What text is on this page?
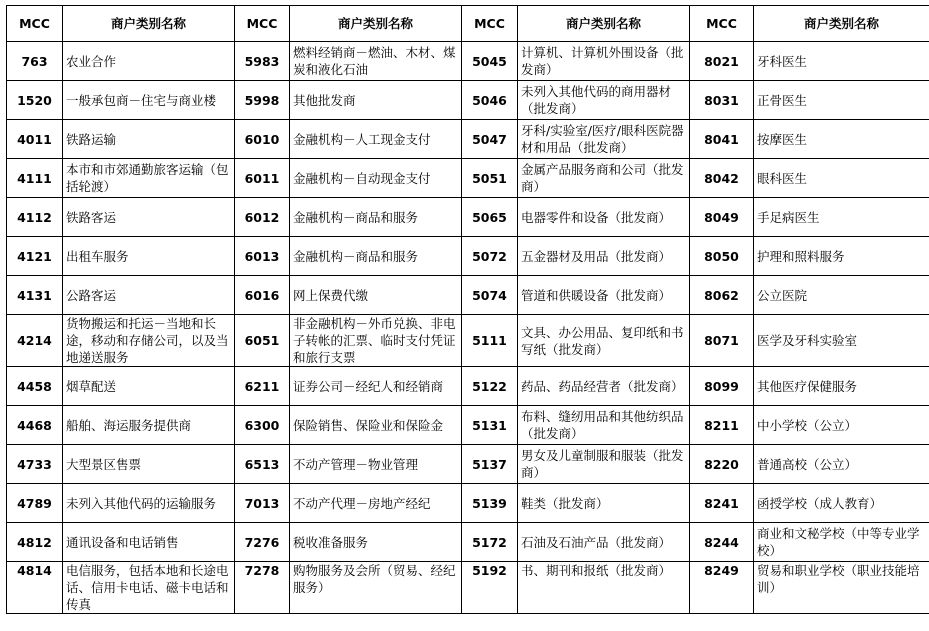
MCC	商户类别名称	MCC	商户类别名称	MCC	商户类别名称	MCC	商户类别名称
763	农业合作	5983	燃料经销商－燃油、木材、煤炭和液化石油	5045	计算机、计算机外围设备（批发商）	8021	牙科医生
1520	一般承包商－住宅与商业楼	5998	其他批发商	5046	未列入其他代码的商用器材（批发商）	8031	正骨医生
4011	铁路运输	6010	金融机构－人工现金支付	5047	牙科/实验室/医疗/眼科医院器材和用品（批发商）	8041	按摩医生
4111	本市和市郊通勤旅客运输（包括轮渡）	6011	金融机构－自动现金支付	5051	金属产品服务商和公司（批发商）	8042	眼科医生
4112	铁路客运	6012	金融机构－商品和服务	5065	电器零件和设备（批发商）	8049	手足病医生
4121	出租车服务	6013	金融机构－商品和服务	5072	五金器材及用品（批发商）	8050	护理和照料服务
4131	公路客运	6016	网上保费代缴	5074	管道和供暖设备（批发商）	8062	公立医院
4214	货物搬运和托运－当地和长途，移动和存储公司，以及当地递送服务	6051	非金融机构－外币兑换、非电子转帐的汇票、临时支付凭证和旅行支票	5111	文具、办公用品、复印纸和书写纸（批发商）	8071	医学及牙科实验室
4458	烟草配送	6211	证券公司－经纪人和经销商	5122	药品、药品经营者（批发商）	8099	其他医疗保健服务
4468	船舶、海运服务提供商	6300	保险销售、保险业和保险金	5131	布料、缝纫用品和其他纺织品（批发商）	8211	中小学校（公立）
4733	大型景区售票	6513	不动产管理－物业管理	5137	男女及儿童制服和服装（批发商）	8220	普通高校（公立）
4789	未列入其他代码的运输服务	7013	不动产代理－房地产经纪	5139	鞋类（批发商）	8241	函授学校（成人教育）
4812	通讯设备和电话销售	7276	税收准备服务	5172	石油及石油产品（批发商）	8244	商业和文秘学校（中等专业学校）
4814	电信服务，包括本地和长途电话、信用卡电话、磁卡电话和传真	7278	购物服务及会所（贸易、经纪服务）	5192	书、期刊和报纸（批发商）	8249	贸易和职业学校（职业技能培训）
